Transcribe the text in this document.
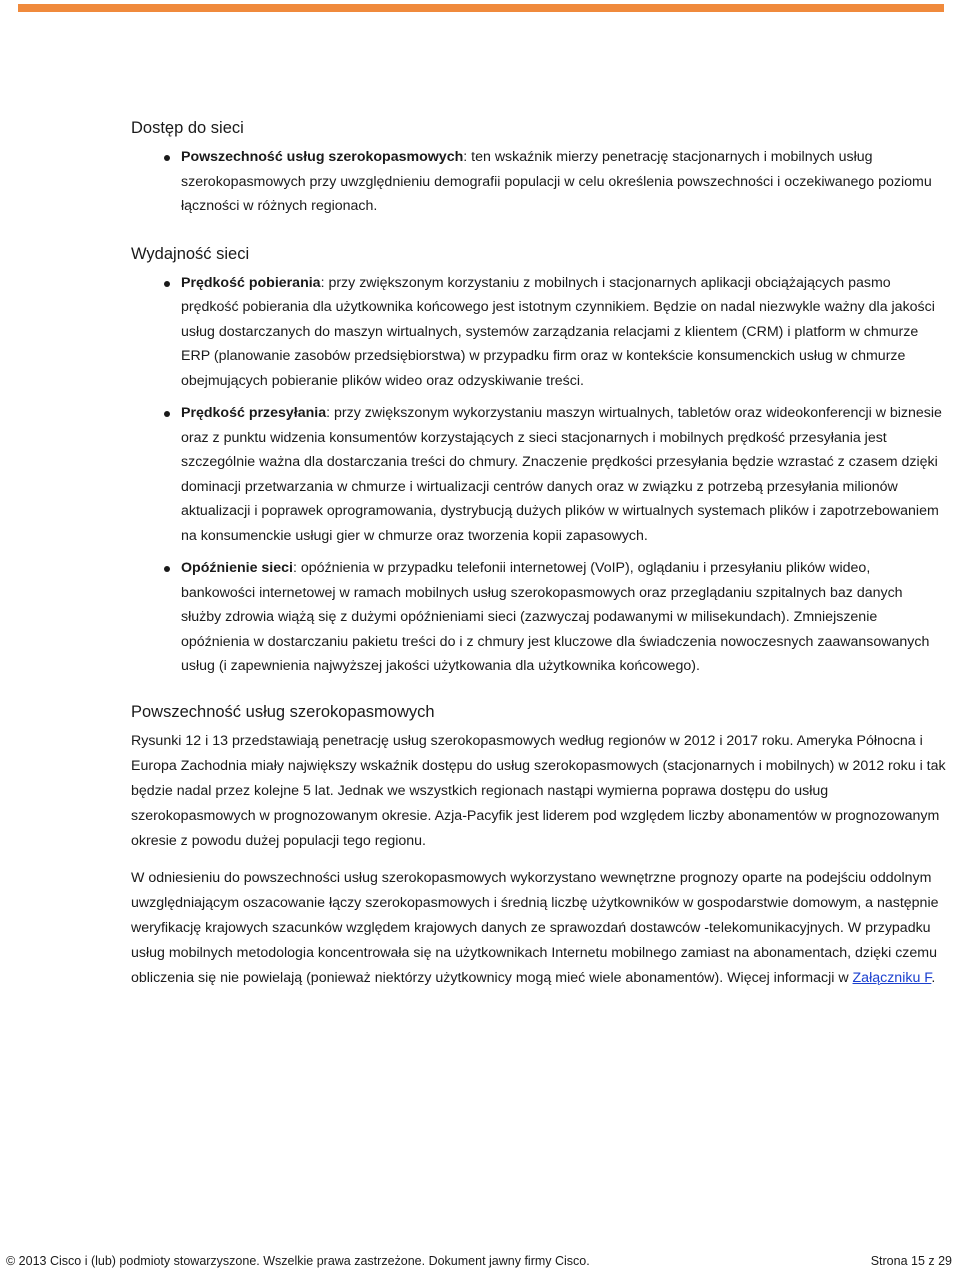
Dostęp do sieci
Powszechność usług szerokopasmowych: ten wskaźnik mierzy penetrację stacjonarnych i mobilnych usług szerokopasmowych przy uwzględnieniu demografii populacji w celu określenia powszechności i oczekiwanego poziomu łączności w różnych regionach.
Wydajność sieci
Prędkość pobierania: przy zwiększonym korzystaniu z mobilnych i stacjonarnych aplikacji obciążających pasmo prędkość pobierania dla użytkownika końcowego jest istotnym czynnikiem. Będzie on nadal niezwykle ważny dla jakości usług dostarczanych do maszyn wirtualnych, systemów zarządzania relacjami z klientem (CRM) i platform w chmurze ERP (planowanie zasobów przedsiębiorstwa) w przypadku firm oraz w kontekście konsumenckich usług w chmurze obejmujących pobieranie plików wideo oraz odzyskiwanie treści.
Prędkość przesyłania: przy zwiększonym wykorzystaniu maszyn wirtualnych, tabletów oraz wideokonferencji w biznesie oraz z punktu widzenia konsumentów korzystających z sieci stacjonarnych i mobilnych prędkość przesyłania jest szczególnie ważna dla dostarczania treści do chmury. Znaczenie prędkości przesyłania będzie wzrastać z czasem dzięki dominacji przetwarzania w chmurze i wirtualizacji centrów danych oraz w związku z potrzebą przesyłania milionów aktualizacji i poprawek oprogramowania, dystrybucją dużych plików w wirtualnych systemach plików i zapotrzebowaniem na konsumenckie usługi gier w chmurze oraz tworzenia kopii zapasowych.
Opóźnienie sieci: opóźnienia w przypadku telefonii internetowej (VoIP), oglądaniu i przesyłaniu plików wideo, bankowości internetowej w ramach mobilnych usług szerokopasmowych oraz przeglądaniu szpitalnych baz danych służby zdrowia wiążą się z dużymi opóźnieniami sieci (zazwyczaj podawanymi w milisekundach). Zmniejszenie opóźnienia w dostarczaniu pakietu treści do i z chmury jest kluczowe dla świadczenia nowoczesnych zaawansowanych usług (i zapewnienia najwyższej jakości użytkowania dla użytkownika końcowego).
Powszechność usług szerokopasmowych

Rysunki 12 i 13 przedstawiają penetrację usług szerokopasmowych według regionów w 2012 i 2017 roku. Ameryka Północna i Europa Zachodnia miały największy wskaźnik dostępu do usług szerokopasmowych (stacjonarnych i mobilnych) w 2012 roku i tak będzie nadal przez kolejne 5 lat. Jednak we wszystkich regionach nastąpi wymierna poprawa dostępu do usług szerokopasmowych w prognozowanym okresie. Azja-Pacyfik jest liderem pod względem liczby abonamentów w prognozowanym okresie z powodu dużej populacji tego regionu.

W odniesieniu do powszechności usług szerokopasmowych wykorzystano wewnętrzne prognozy oparte na podejściu oddolnym uwzględniającym oszacowanie łączy szerokopasmowych i średnią liczbę użytkowników w gospodarstwie domowym, a następnie weryfikację krajowych szacunków względem krajowych danych ze sprawozdań dostawców -telekomunikacyjnych. W przypadku usług mobilnych metodologia koncentrowała się na użytkownikach Internetu mobilnego zamiast na abonamentach, dzięki czemu obliczenia się nie powielają (ponieważ niektórzy użytkownicy mogą mieć wiele abonamentów). Więcej informacji w Załączniku F.

© 2013 Cisco i (lub) podmioty stowarzyszone. Wszelkie prawa zastrzeżone. Dokument jawny firmy Cisco.	Strona 15 z 29
